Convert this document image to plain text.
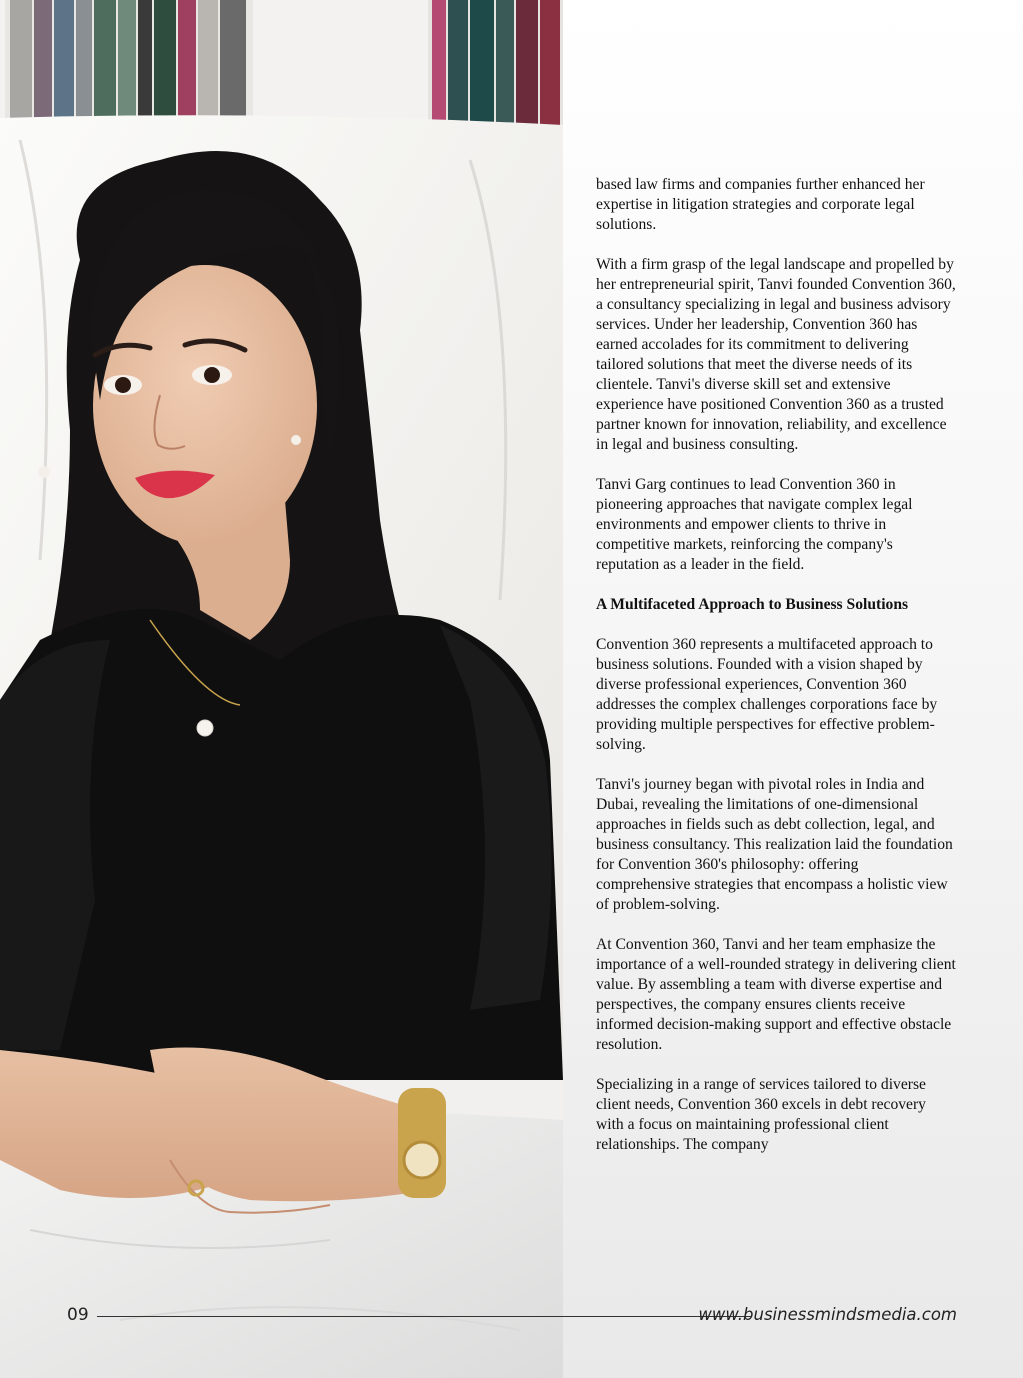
based law firms and companies further enhanced her expertise in litigation strategies and corporate legal solutions.

With a firm grasp of the legal landscape and propelled by her entrepreneurial spirit, Tanvi founded Convention 360, a consultancy specializing in legal and business advisory services. Under her leadership, Convention 360 has earned accolades for its commitment to delivering tailored solutions that meet the diverse needs of its clientele. Tanvi's diverse skill set and extensive experience have positioned Convention 360 as a trusted partner known for innovation, reliability, and excellence in legal and business consulting.

Tanvi Garg continues to lead Convention 360 in pioneering approaches that navigate complex legal environments and empower clients to thrive in competitive markets, reinforcing the company's reputation as a leader in the field.

A Multifaceted Approach to Business Solutions

Convention 360 represents a multifaceted approach to business solutions. Founded with a vision shaped by diverse professional experiences, Convention 360 addresses the complex challenges corporations face by providing multiple perspectives for effective problem-solving.

Tanvi's journey began with pivotal roles in India and Dubai, revealing the limitations of one-dimensional approaches in fields such as debt collection, legal, and business consultancy. This realization laid the foundation for Convention 360's philosophy: offering comprehensive strategies that encompass a holistic view of problem-solving.

At Convention 360, Tanvi and her team emphasize the importance of a well-rounded strategy in delivering client value. By assembling a team with diverse expertise and perspectives, the company ensures clients receive informed decision-making support and effective obstacle resolution.

Specializing in a range of services tailored to diverse client needs, Convention 360 excels in debt recovery with a focus on maintaining professional client relationships. The company

09	www.businessmindsmedia.com
